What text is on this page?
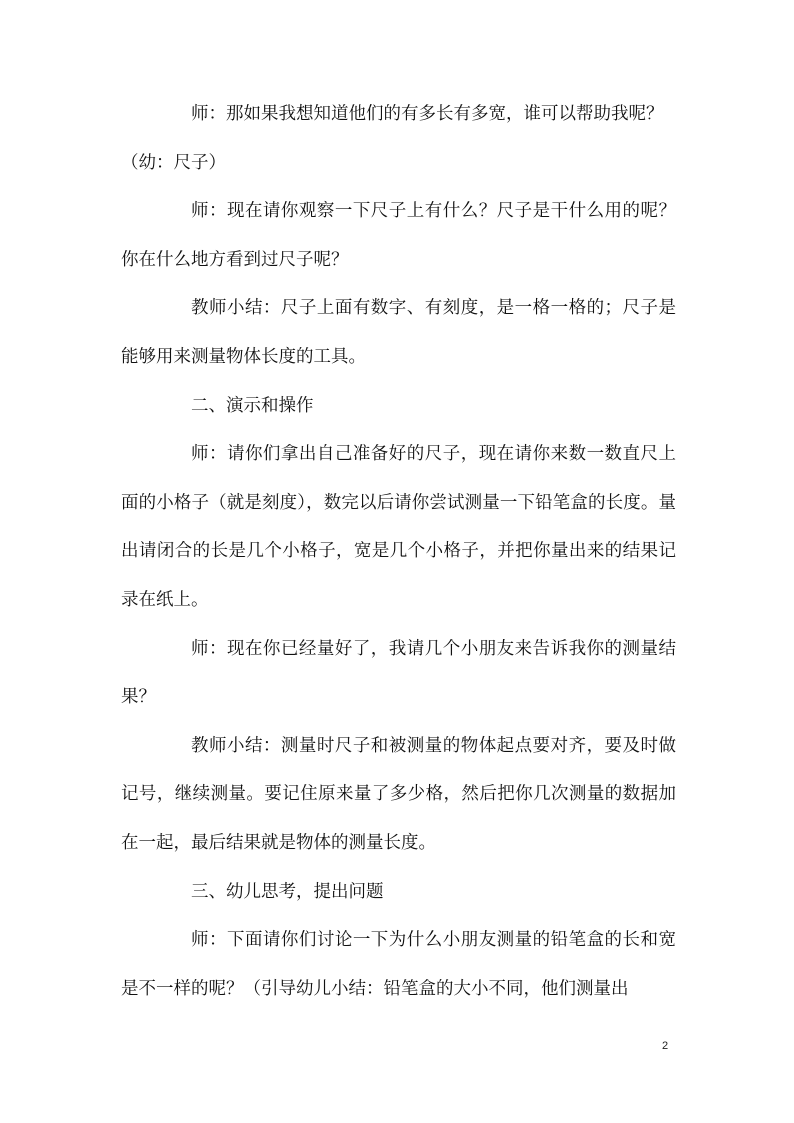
师：那如果我想知道他们的有多长有多宽，谁可以帮助我呢？

（幼：尺子）

师：现在请你观察一下尺子上有什么？尺子是干什么用的呢？你在什么地方看到过尺子呢？

教师小结：尺子上面有数字、有刻度，是一格一格的；尺子是能够用来测量物体长度的工具。

二、演示和操作

师：请你们拿出自己准备好的尺子，现在请你来数一数直尺上面的小格子（就是刻度），数完以后请你尝试测量一下铅笔盒的长度。量出请闭合的长是几个小格子，宽是几个小格子，并把你量出来的结果记录在纸上。

师：现在你已经量好了，我请几个小朋友来告诉我你的测量结果？

教师小结：测量时尺子和被测量的物体起点要对齐，要及时做记号，继续测量。要记住原来量了多少格，然后把你几次测量的数据加在一起，最后结果就是物体的测量长度。

三、幼儿思考，提出问题

师：下面请你们讨论一下为什么小朋友测量的铅笔盒的长和宽是不一样的呢？（引导幼儿小结：铅笔盒的大小不同，他们测量出

2
